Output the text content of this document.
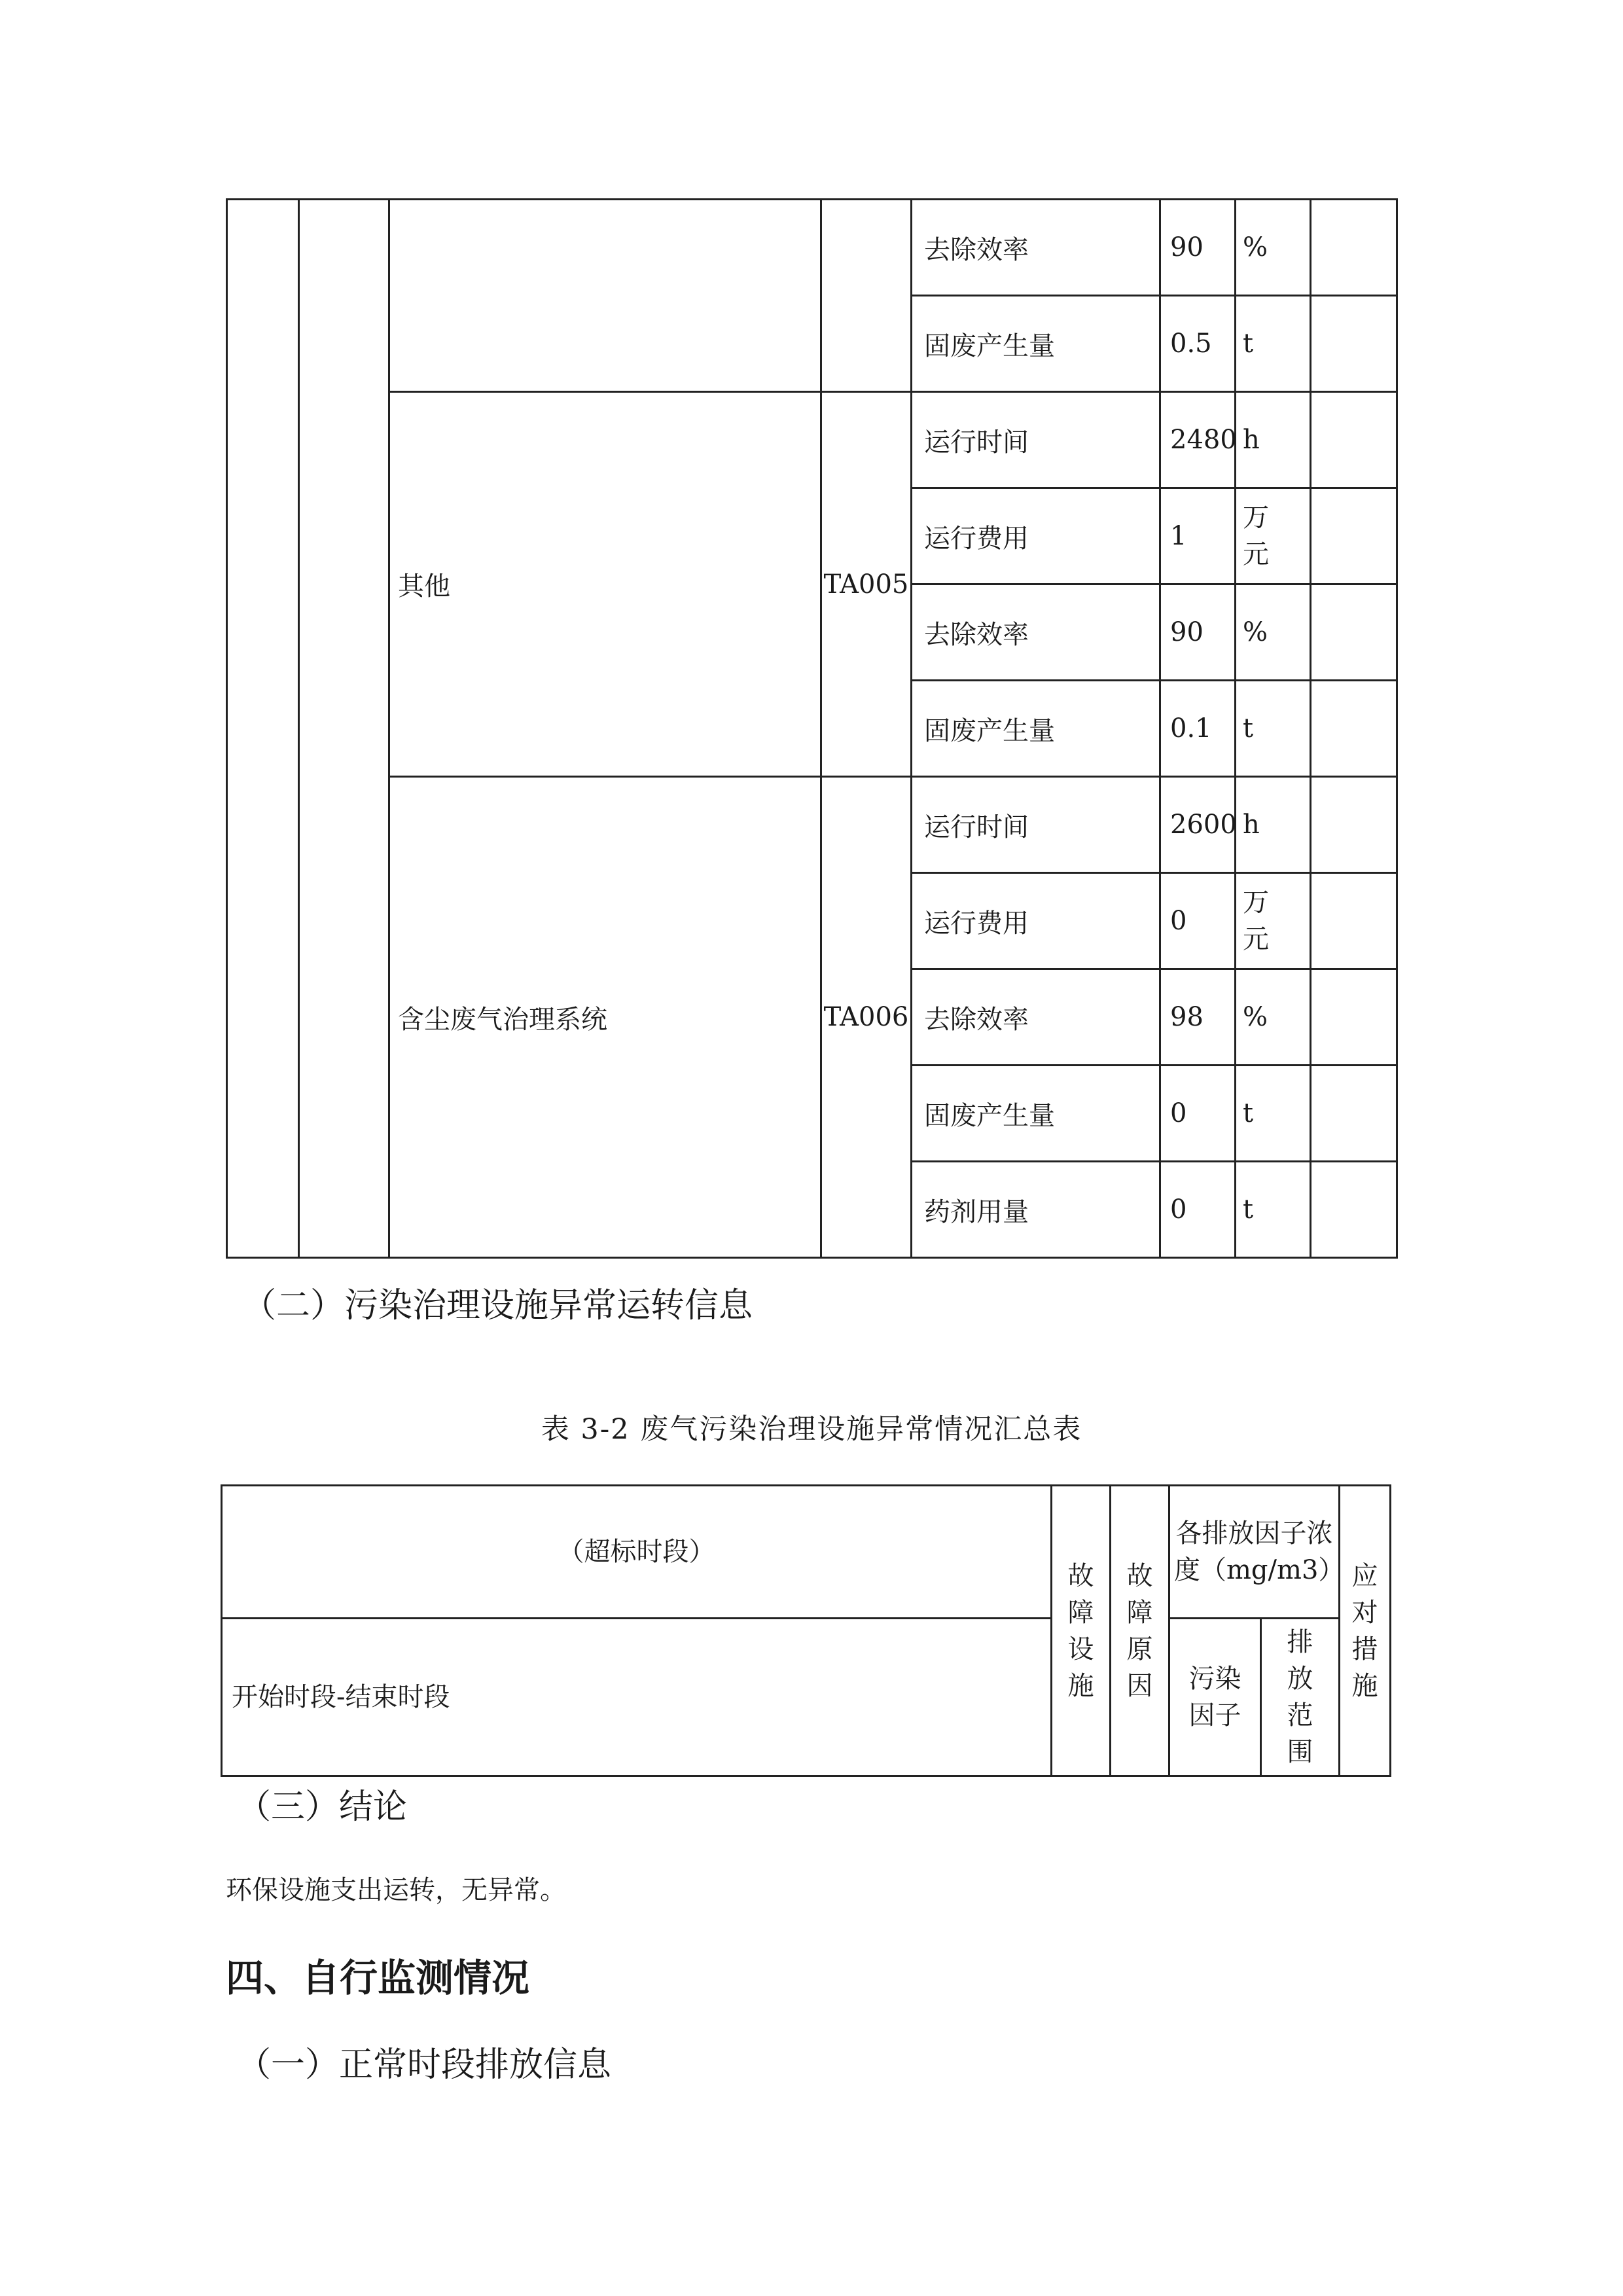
				去除效率	90	%	
				固废产生量	0.5	t	
		其他	TA005	运行时间	2480	h	
				运行费用	1	万元	
				去除效率	90	%	
				固废产生量	0.1	t	
		含尘废气治理系统	TA006	运行时间	2600	h	
				运行费用	0	万元	
				去除效率	98	%	
				固废产生量	0	t	
				药剂用量	0	t	
（二）污染治理设施异常运转信息
表 3-2 废气污染治理设施异常情况汇总表
（超标时段）	故障设施	故障原因	各排放因子浓度（mg/m3）		应对措施
开始时段-结束时段			污染因子	排放范围	
（三）结论
环保设施支出运转，无异常。
四、自行监测情况
（一）正常时段排放信息
